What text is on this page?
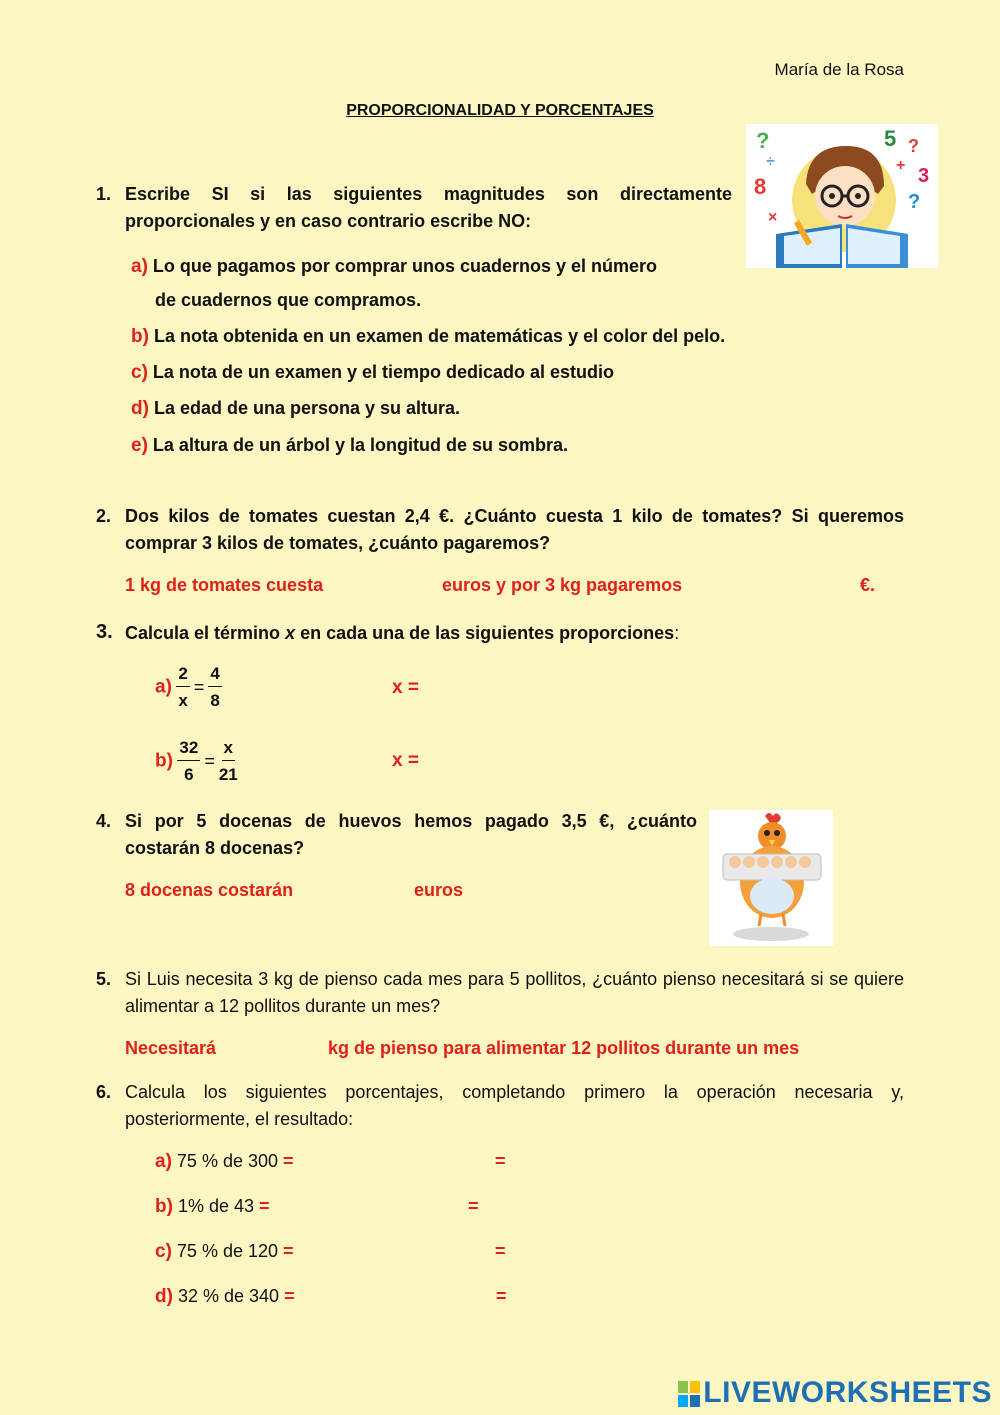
María de la Rosa
PROPORCIONALIDAD Y PORCENTAJES
?	5 ?
÷	+ 3
8
?
×
1. Escribe SI si las siguientes magnitudes son directamente proporcionales y en caso contrario escribe NO:
a) Lo que pagamos por comprar unos cuadernos y el número
de cuadernos que compramos.
b) La nota obtenida en un examen de matemáticas y el color del pelo.
c) La nota de un examen y el tiempo dedicado al estudio
d) La edad de una persona y su altura.
e) La altura de un árbol y la longitud de su sombra.
2. Dos kilos de tomates cuestan 2,4 €. ¿Cuánto cuesta 1 kilo de tomates? Si queremos comprar 3 kilos de tomates, ¿cuánto pagaremos?
1 kg de tomates cuesta	euros y por 3 kg pagaremos	€.
3. Calcula el término x en cada una de las siguientes proporciones:
$a) \frac{2}{x} = \frac{4}{8}$	x =
$b) \frac{32}{6} = \frac{x}{21}$	x =
4. Si por 5 docenas de huevos hemos pagado 3,5 €, ¿cuánto costarán 8 docenas?
8 docenas costarán	euros
5. Si Luis necesita 3 kg de pienso cada mes para 5 pollitos, ¿cuánto pienso necesitará si se quiere alimentar a 12 pollitos durante un mes?
Necesitará	kg de pienso para alimentar 12 pollitos durante un mes
6. Calcula los siguientes porcentajes, completando primero la operación necesaria y, posteriormente, el resultado:
a) 75 % de 300 =	=
b) 1% de 43 =	=
c) 75 % de 120 =	=
d) 32 % de 340 =	=
LIVEWORKSHEETS
